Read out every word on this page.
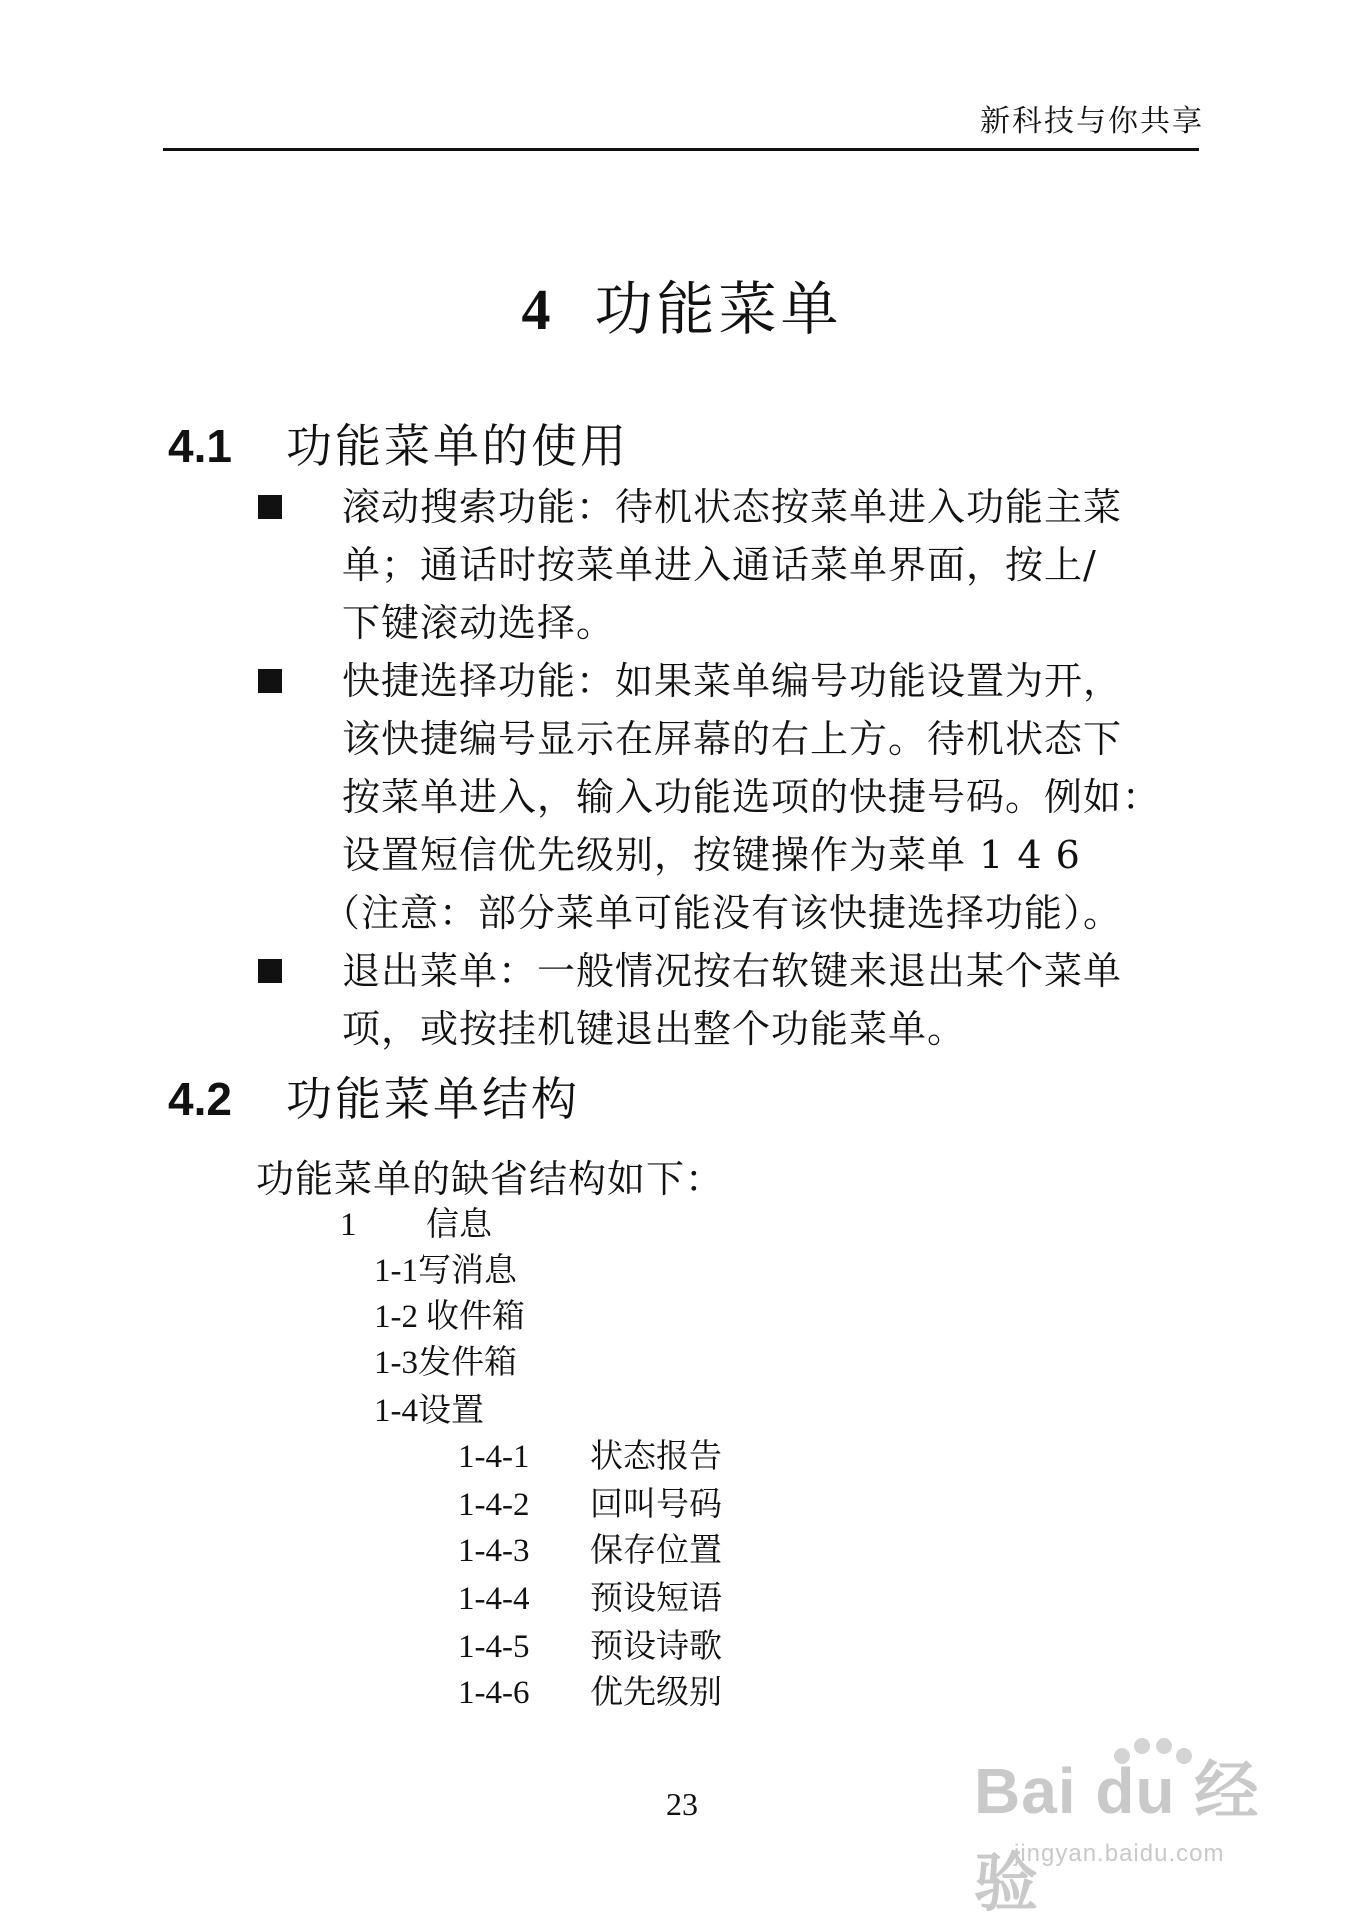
新科技与你共享
4 功能菜单
4.1 功能菜单的使用
滚动搜索功能：待机状态按菜单进入功能主菜
单；通话时按菜单进入通话菜单界面，按上/
下键滚动选择。
快捷选择功能：如果菜单编号功能设置为开，
该快捷编号显示在屏幕的右上方。待机状态下
按菜单进入，输入功能选项的快捷号码。例如：
设置短信优先级别，按键操作为菜单 1 4 6
（注意：部分菜单可能没有该快捷选择功能）。
退出菜单：一般情况按右软键来退出某个菜单
项，或按挂机键退出整个功能菜单。
4.2 功能菜单结构
功能菜单的缺省结构如下：
1 信息
1-1写消息
1-2 收件箱
1-3发件箱
1-4设置
1-4-1 状态报告
1-4-2 回叫号码
1-4-3 保存位置
1-4-4 预设短语
1-4-5 预设诗歌
1-4-6 优先级别
23	Bai du 经验
jingyan.baidu.com
